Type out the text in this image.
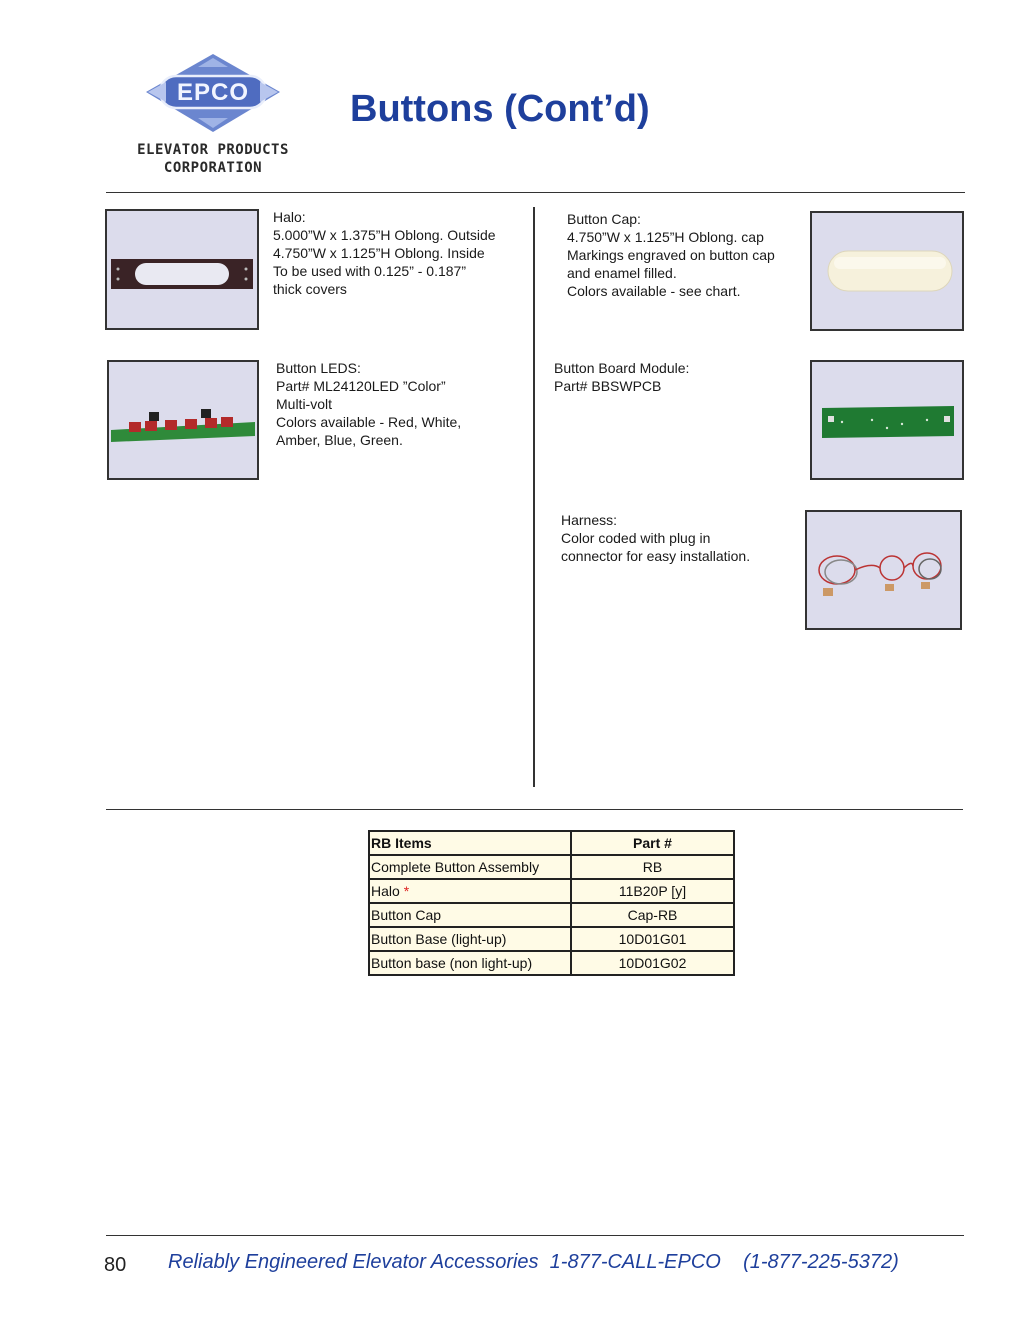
EPCO
ELEVATOR PRODUCTS
CORPORATION
Buttons (Cont’d)
Halo:
5.000”W x 1.375”H Oblong. Outside
4.750”W x 1.125”H Oblong. Inside
To be used with 0.125” - 0.187”
thick covers
Button Cap:
4.750”W x 1.125”H Oblong. cap
Markings engraved on button cap
and enamel filled.
Colors available - see chart.
Button LEDS:
Part# ML24120LED ”Color”
Multi-volt
Colors available - Red, White,
Amber, Blue, Green.
Button Board Module:
Part# BBSWPCB
Harness:
Color coded with plug in
connector for easy installation.
RB Items	Part #
Complete Button Assembly	RB
Halo *	11B20P [y]
Button Cap	Cap-RB
Button Base (light-up)	10D01G01
Button base (non light-up)	10D01G02
80 Reliably Engineered Elevator Accessories  1-877-CALL-EPCO    (1-877-225-5372)
